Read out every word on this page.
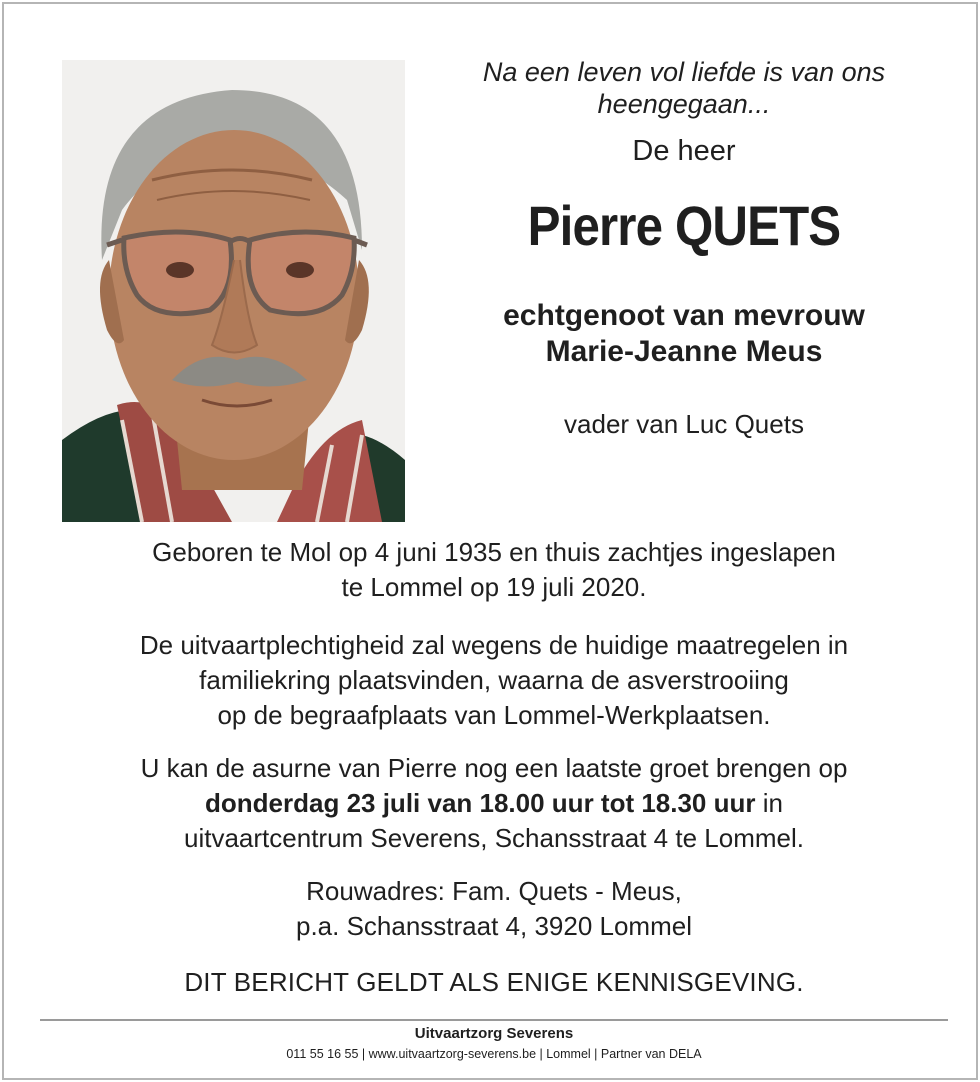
Na een leven vol liefde is van ons
heengegaan...
De heer
Pierre QUETS
echtgenoot van mevrouw
Marie-Jeanne Meus
vader van Luc Quets
Geboren te Mol op 4 juni 1935 en thuis zachtjes ingeslapen
te Lommel op 19 juli 2020.
De uitvaartplechtigheid zal wegens de huidige maatregelen in
familiekring plaatsvinden, waarna de asverstrooiing
op de begraafplaats van Lommel-Werkplaatsen.
U kan de asurne van Pierre nog een laatste groet brengen op
donderdag 23 juli van 18.00 uur tot 18.30 uur in
uitvaartcentrum Severens, Schansstraat 4 te Lommel.
Rouwadres: Fam. Quets - Meus,
p.a. Schansstraat 4, 3920 Lommel
DIT BERICHT GELDT ALS ENIGE KENNISGEVING.
Uitvaartzorg Severens
011 55 16 55 | www.uitvaartzorg-severens.be | Lommel | Partner van DELA
